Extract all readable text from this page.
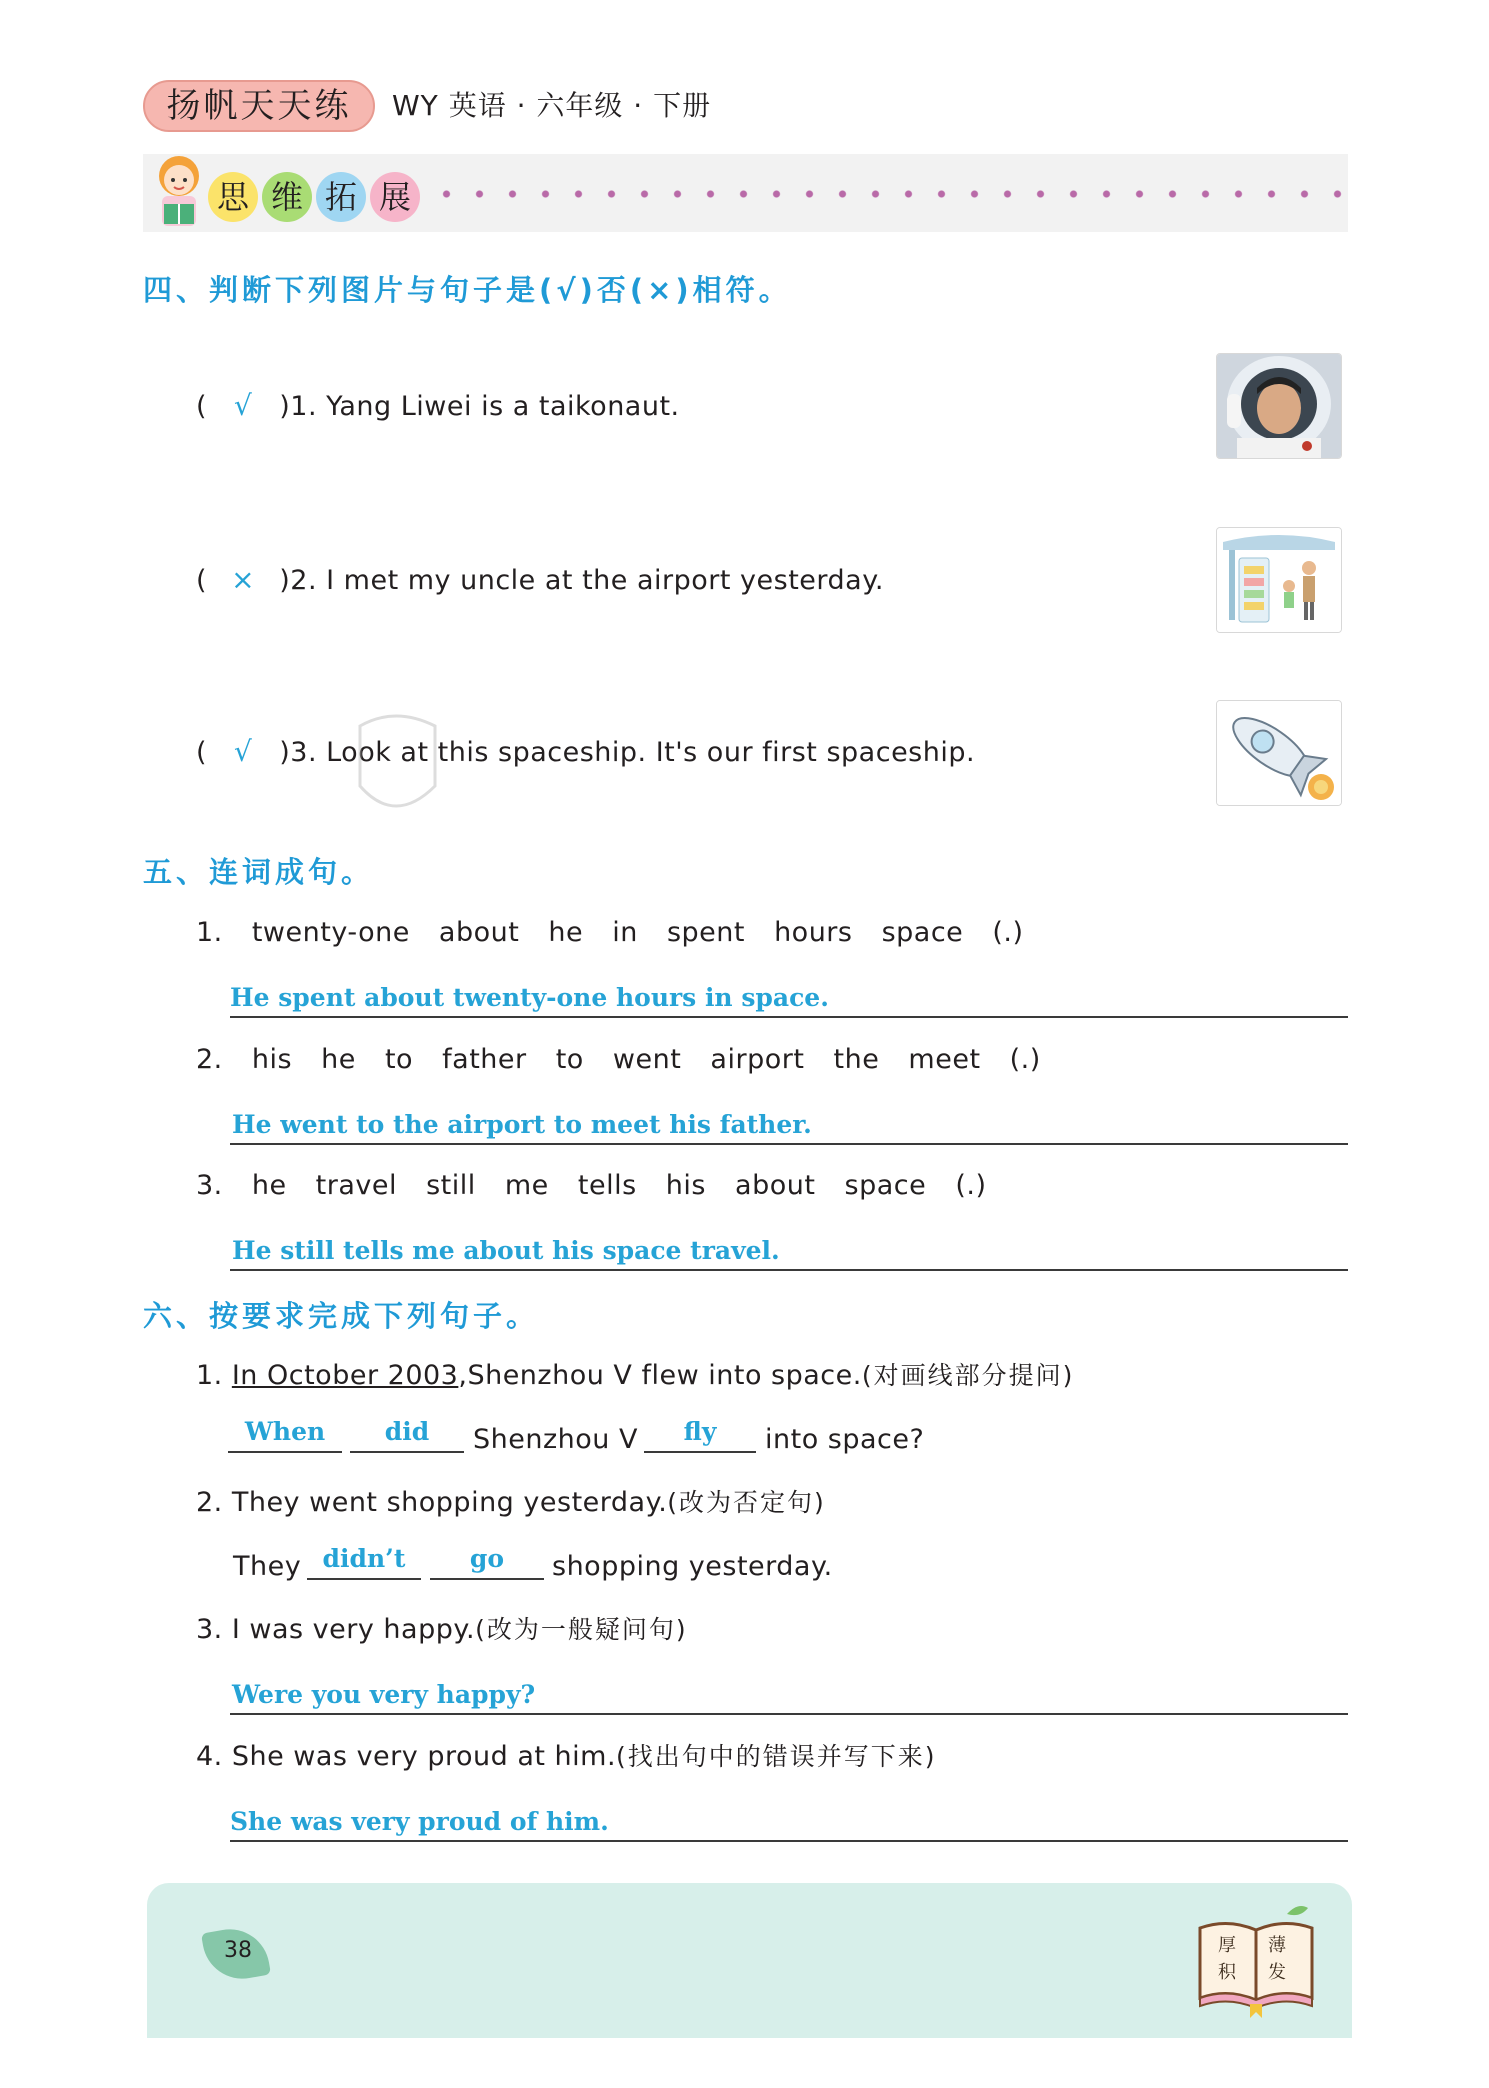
扬帆天天练	WY 英语 · 六年级 · 下册
思 维 拓 展
四、判断下列图片与句子是(√)否(×)相符。
( √ )1. Yang Liwei is a taikonaut.
( × )2. I met my uncle at the airport yesterday.
( √ )3. Look at this spaceship. It's our first spaceship.
五、连词成句。
1. twenty-one about he in spent hours space (.)
He spent about twenty-one hours in space.
2. his he to father to went airport the meet (.)
He went to the airport to meet his father.
3. he travel still me tells his about space (.)
He still tells me about his space travel.
六、按要求完成下列句子。
1. In October 2003,Shenzhou V flew into space.(对画线部分提问)
When	did	Shenzhou V	fly	into space?
2. They went shopping yesterday.(改为否定句)
They didn’t	go	shopping yesterday.
3. I was very happy.(改为一般疑问句)
Were you very happy?
4. She was very proud at him.(找出句中的错误并写下来)
She was very proud of him.
38	厚 薄
积 发
